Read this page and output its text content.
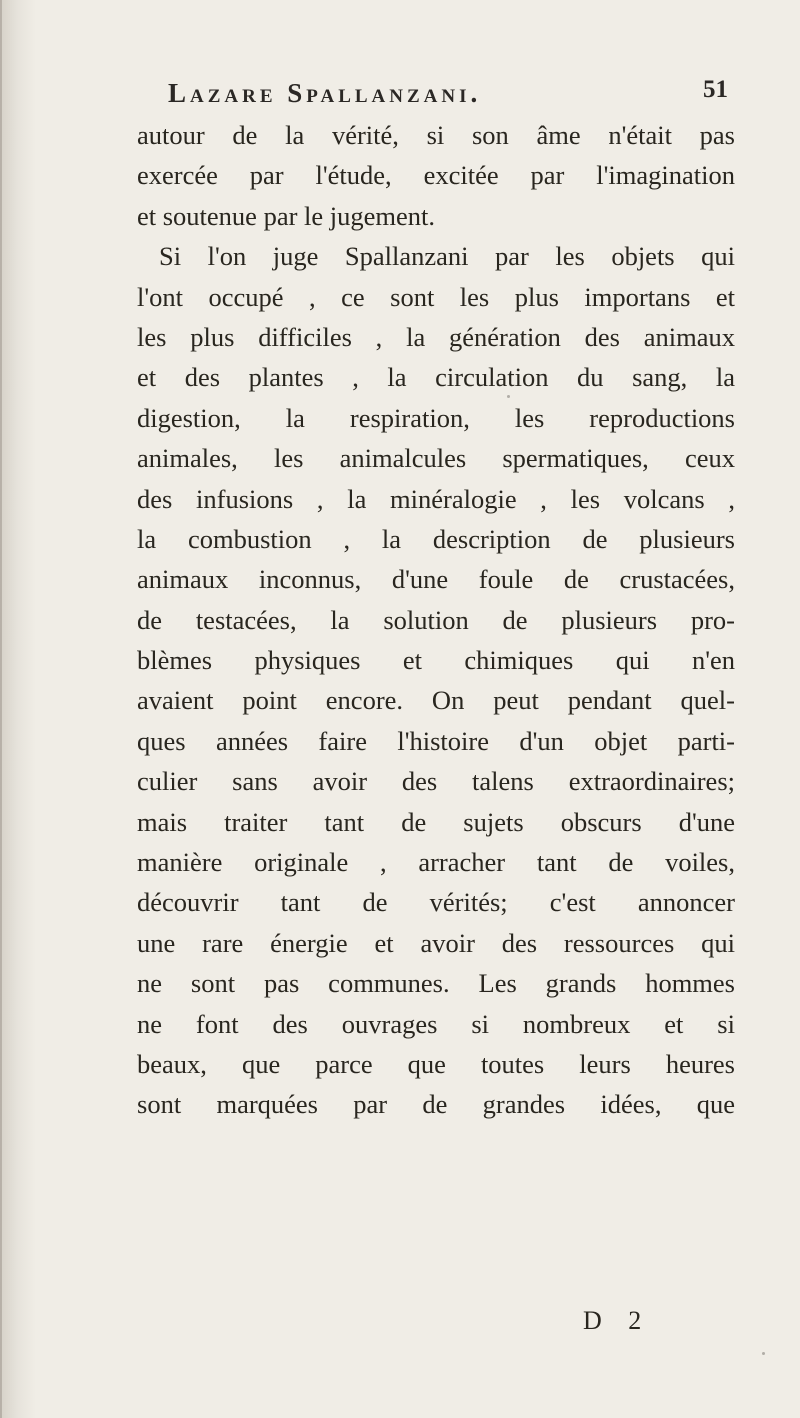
Lazare Spallanzani.	51
autour de la vérité, si son âme n'était pas
exercée par l'étude, excitée par l'imagination
et soutenue par le jugement.
Si l'on juge Spallanzani par les objets qui
l'ont occupé , ce sont les plus importans et
les plus difficiles , la génération des animaux
et des plantes , la circulation du sang, la
digestion, la respiration, les reproductions
animales, les animalcules spermatiques, ceux
des infusions , la minéralogie , les volcans ,
la combustion , la description de plusieurs
animaux inconnus, d'une foule de crustacées,
de testacées, la solution de plusieurs pro-
blèmes physiques et chimiques qui n'en
avaient point encore. On peut pendant quel-
ques années faire l'histoire d'un objet parti-
culier sans avoir des talens extraordinaires;
mais traiter tant de sujets obscurs d'une
manière originale , arracher tant de voiles,
découvrir tant de vérités; c'est annoncer
une rare énergie et avoir des ressources qui
ne sont pas communes. Les grands hommes
ne font des ouvrages si nombreux et si
beaux, que parce que toutes leurs heures
sont marquées par de grandes idées, que
D 2
